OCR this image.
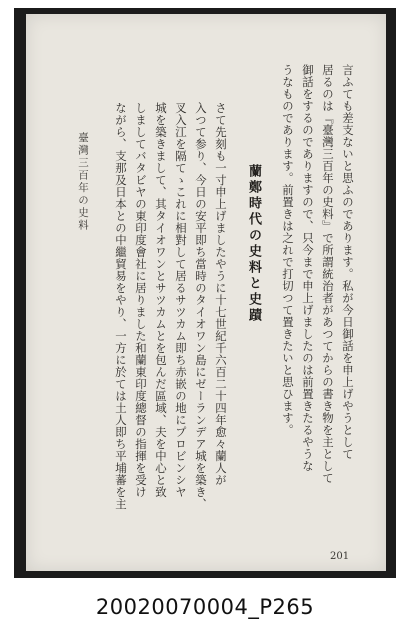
言ふても差支ないと思ふのであります。私が今日御話を申上げやうとして
居るのは『臺灣三百年の史料』で所謂統治者があつてからの書き物を主として
御話をするのでありますので、只今まで申上げましたのは前置きたるやうな
うなものであります。前置きは之れで打切つて置きたいと思ひます。
蘭鄭時代の史料と史蹟
さて先刻も一寸申上げましたやうに十七世紀千六百二十四年愈々蘭人が
入つて参り、今日の安平即ち當時のタイオワン島にゼーランデア城を築き、
叉入江を隔てゝこれに相對して居るサツカム即ち赤嵌の地にプロビンシヤ
城を築きまして、其タイオワンとサツカムとを包んだ區域、夫を中心と致
しましてバタビヤの東印度會社に居りました和蘭東印度總督の指揮を受け
ながら、支那及日本との中繼貿易をやり、一方に於ては土人即ち平埔蕃を主
臺灣三百年の史料
201
20020070004_P265
